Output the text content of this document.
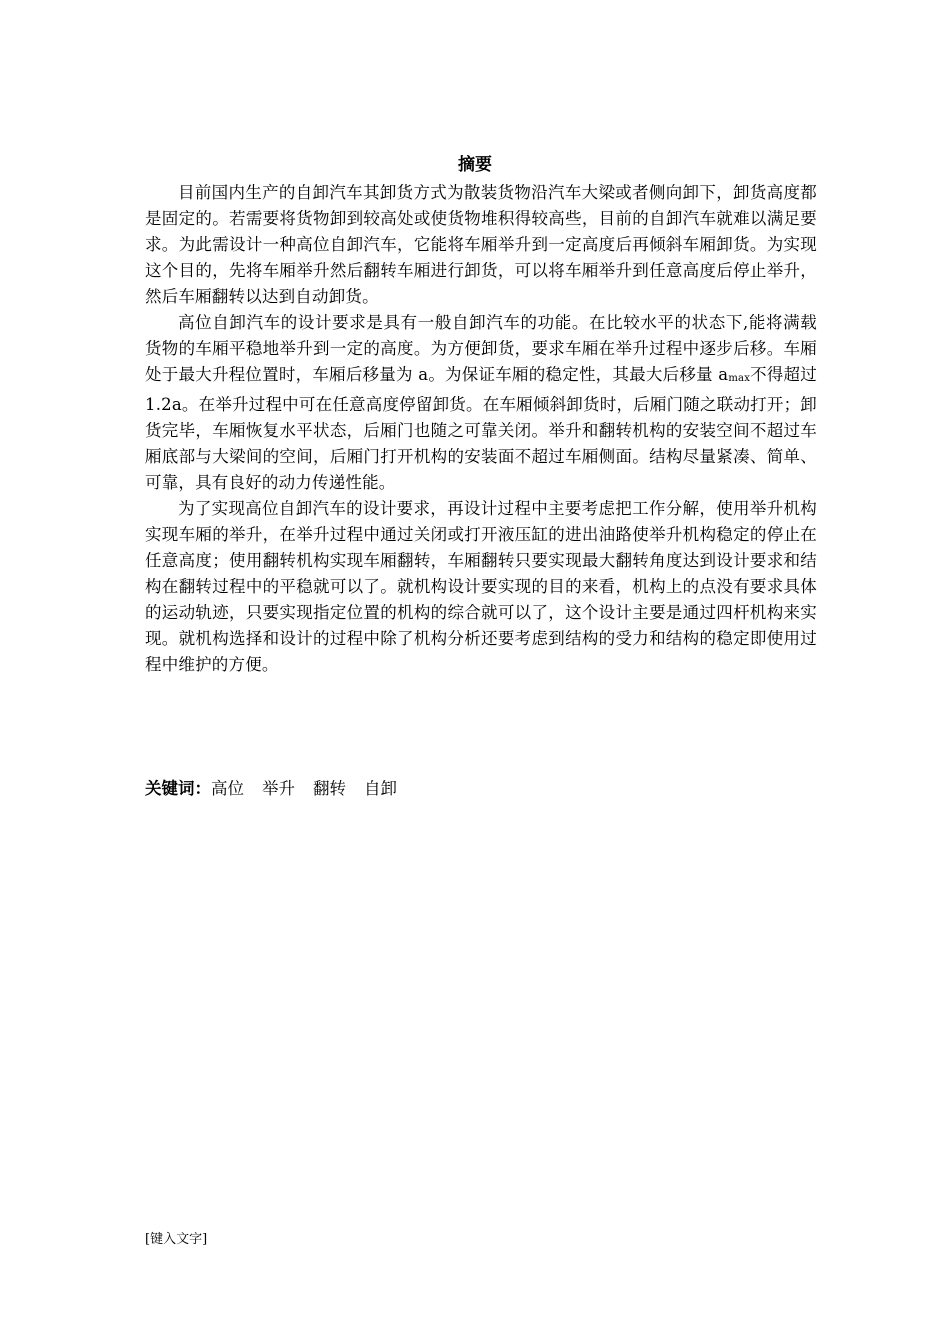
摘要

目前国内生产的自卸汽车其卸货方式为散装货物沿汽车大梁或者侧向卸下，卸货高度都是固定的。若需要将货物卸到较高处或使货物堆积得较高些，目前的自卸汽车就难以满足要求。为此需设计一种高位自卸汽车，它能将车厢举升到一定高度后再倾斜车厢卸货。为实现这个目的，先将车厢举升然后翻转车厢进行卸货，可以将车厢举升到任意高度后停止举升，然后车厢翻转以达到自动卸货。

高位自卸汽车的设计要求是具有一般自卸汽车的功能。在比较水平的状态下,能将满载货物的车厢平稳地举升到一定的高度。为方便卸货，要求车厢在举升过程中逐步后移。车厢处于最大升程位置时，车厢后移量为 a。为保证车厢的稳定性，其最大后移量 amax不得超过 1.2a。在举升过程中可在任意高度停留卸货。在车厢倾斜卸货时，后厢门随之联动打开；卸货完毕，车厢恢复水平状态，后厢门也随之可靠关闭。举升和翻转机构的安装空间不超过车厢底部与大梁间的空间，后厢门打开机构的安装面不超过车厢侧面。结构尽量紧凑、简单、可靠，具有良好的动力传递性能。

为了实现高位自卸汽车的设计要求，再设计过程中主要考虑把工作分解，使用举升机构实现车厢的举升，在举升过程中通过关闭或打开液压缸的进出油路使举升机构稳定的停止在任意高度；使用翻转机构实现车厢翻转，车厢翻转只要实现最大翻转角度达到设计要求和结构在翻转过程中的平稳就可以了。就机构设计要实现的目的来看，机构上的点没有要求具体的运动轨迹，只要实现指定位置的机构的综合就可以了，这个设计主要是通过四杆机构来实现。就机构选择和设计的过程中除了机构分析还要考虑到结构的受力和结构的稳定即使用过程中维护的方便。

关键词：高位 举升 翻转 自卸
[键入文字]
